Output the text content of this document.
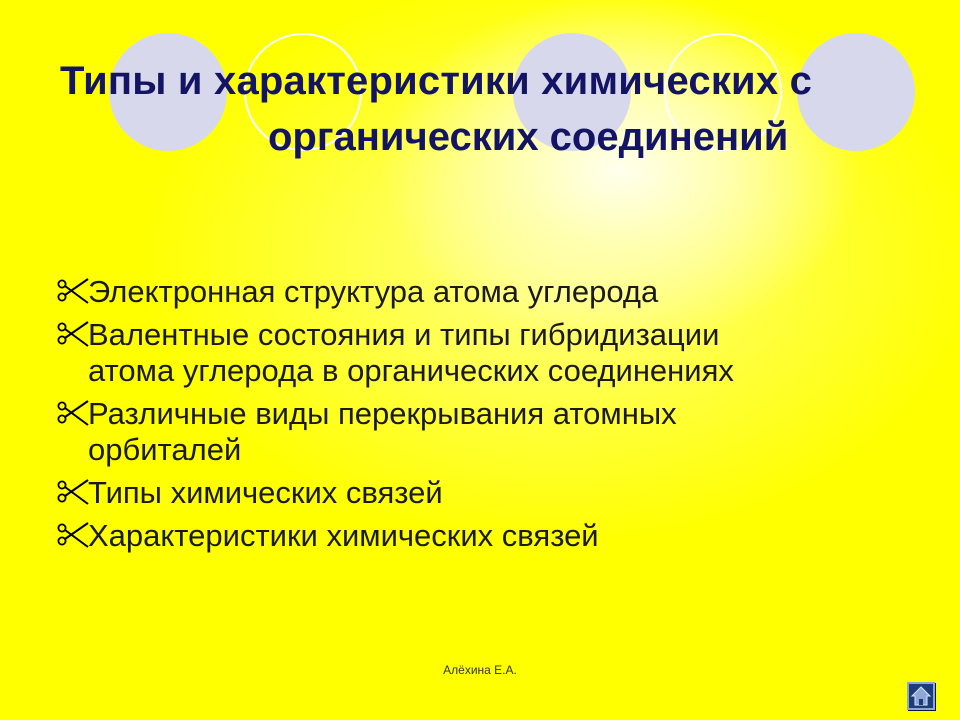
Типы и характеристики химических с
органических соединений
Электронная структура атома углерода
Валентные состояния и типы гибридизации
атома углерода в органических соединениях
Различные виды перекрывания атомных
орбиталей
Типы химических связей
Характеристики химических связей
Алёхина Е.А.
